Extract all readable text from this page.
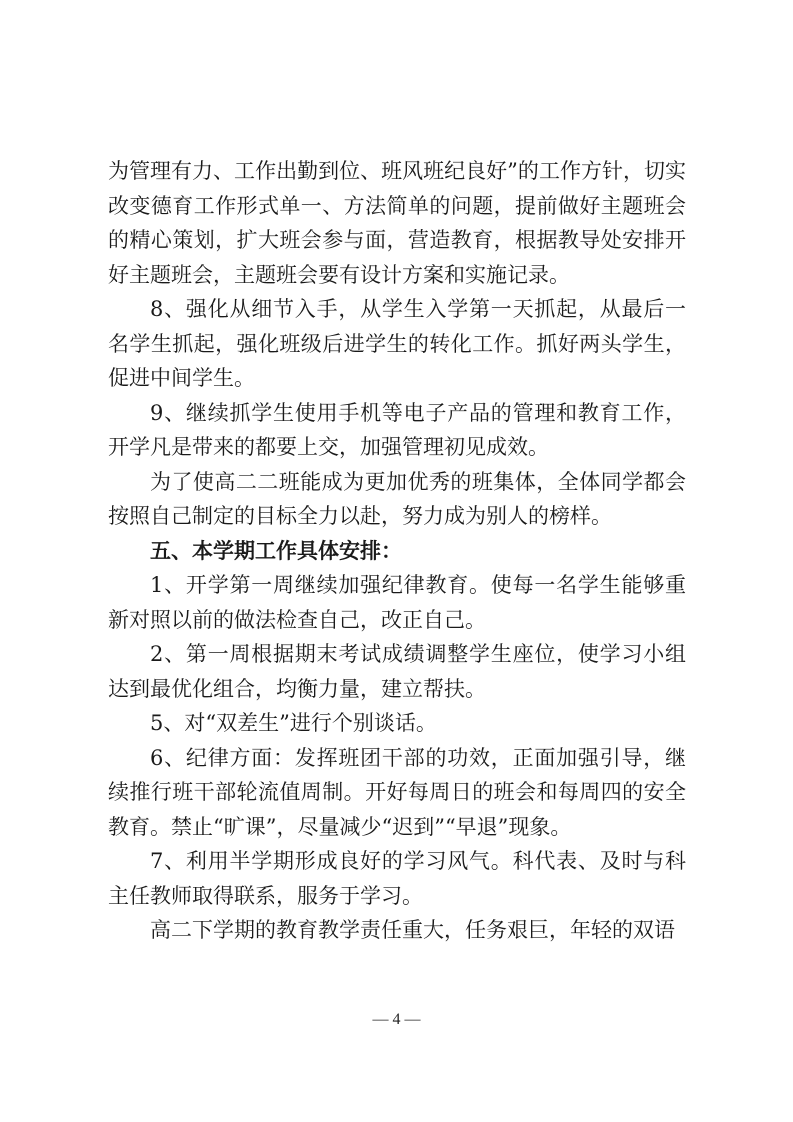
为管理有力、工作出勤到位、班风班纪良好”的工作方针，切实改变德育工作形式单一、方法简单的问题，提前做好主题班会的精心策划，扩大班会参与面，营造教育，根据教导处安排开好主题班会，主题班会要有设计方案和实施记录。

8、强化从细节入手，从学生入学第一天抓起，从最后一名学生抓起，强化班级后进学生的转化工作。抓好两头学生，促进中间学生。

9、继续抓学生使用手机等电子产品的管理和教育工作，开学凡是带来的都要上交，加强管理初见成效。

为了使高二二班能成为更加优秀的班集体，全体同学都会按照自己制定的目标全力以赴，努力成为别人的榜样。

五、本学期工作具体安排：

1、开学第一周继续加强纪律教育。使每一名学生能够重新对照以前的做法检查自己，改正自己。

2、第一周根据期末考试成绩调整学生座位，使学习小组达到最优化组合，均衡力量，建立帮扶。

5、对“双差生”进行个别谈话。

6、纪律方面：发挥班团干部的功效，正面加强引导，继续推行班干部轮流值周制。开好每周日的班会和每周四的安全教育。禁止“旷课”，尽量减少“迟到”“早退”现象。

7、利用半学期形成良好的学习风气。科代表、及时与科主任教师取得联系，服务于学习。

高二下学期的教育教学责任重大，任务艰巨，年轻的双语

— 4 —
